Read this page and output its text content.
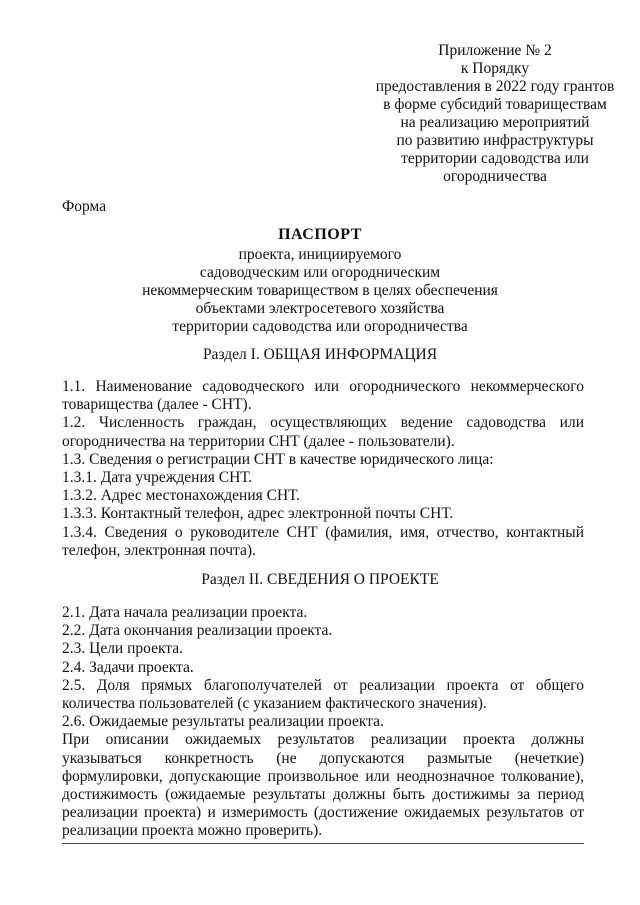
Приложение № 2
к Порядку
предоставления в 2022 году грантов
в форме субсидий товариществам
на реализацию мероприятий
по развитию инфраструктуры
территории садоводства или
огородничества
Форма
ПАСПОРТ
проекта, инициируемого
садоводческим или огородническим
некоммерческим товариществом в целях обеспечения
объектами электросетевого хозяйства
территории садоводства или огородничества
Раздел I. ОБЩАЯ ИНФОРМАЦИЯ

1.1. Наименование садоводческого или огороднического некоммерческого товарищества (далее - СНТ).

1.2. Численность граждан, осуществляющих ведение садоводства или огородничества на территории СНТ (далее - пользователи).

1.3. Сведения о регистрации СНТ в качестве юридического лица:

1.3.1. Дата учреждения СНТ.

1.3.2. Адрес местонахождения СНТ.

1.3.3. Контактный телефон, адрес электронной почты СНТ.

1.3.4. Сведения о руководителе СНТ (фамилия, имя, отчество, контактный телефон, электронная почта).

Раздел II. СВЕДЕНИЯ О ПРОЕКТЕ

2.1. Дата начала реализации проекта.

2.2. Дата окончания реализации проекта.

2.3. Цели проекта.

2.4. Задачи проекта.

2.5. Доля прямых благополучателей от реализации проекта от общего количества пользователей (с указанием фактического значения).

2.6. Ожидаемые результаты реализации проекта.

При описании ожидаемых результатов реализации проекта должны указываться конкретность (не допускаются размытые (нечеткие) формулировки, допускающие произвольное или неоднозначное толкование), достижимость (ожидаемые результаты должны быть достижимы за период реализации проекта) и измеримость (достижение ожидаемых результатов от реализации проекта можно проверить).
